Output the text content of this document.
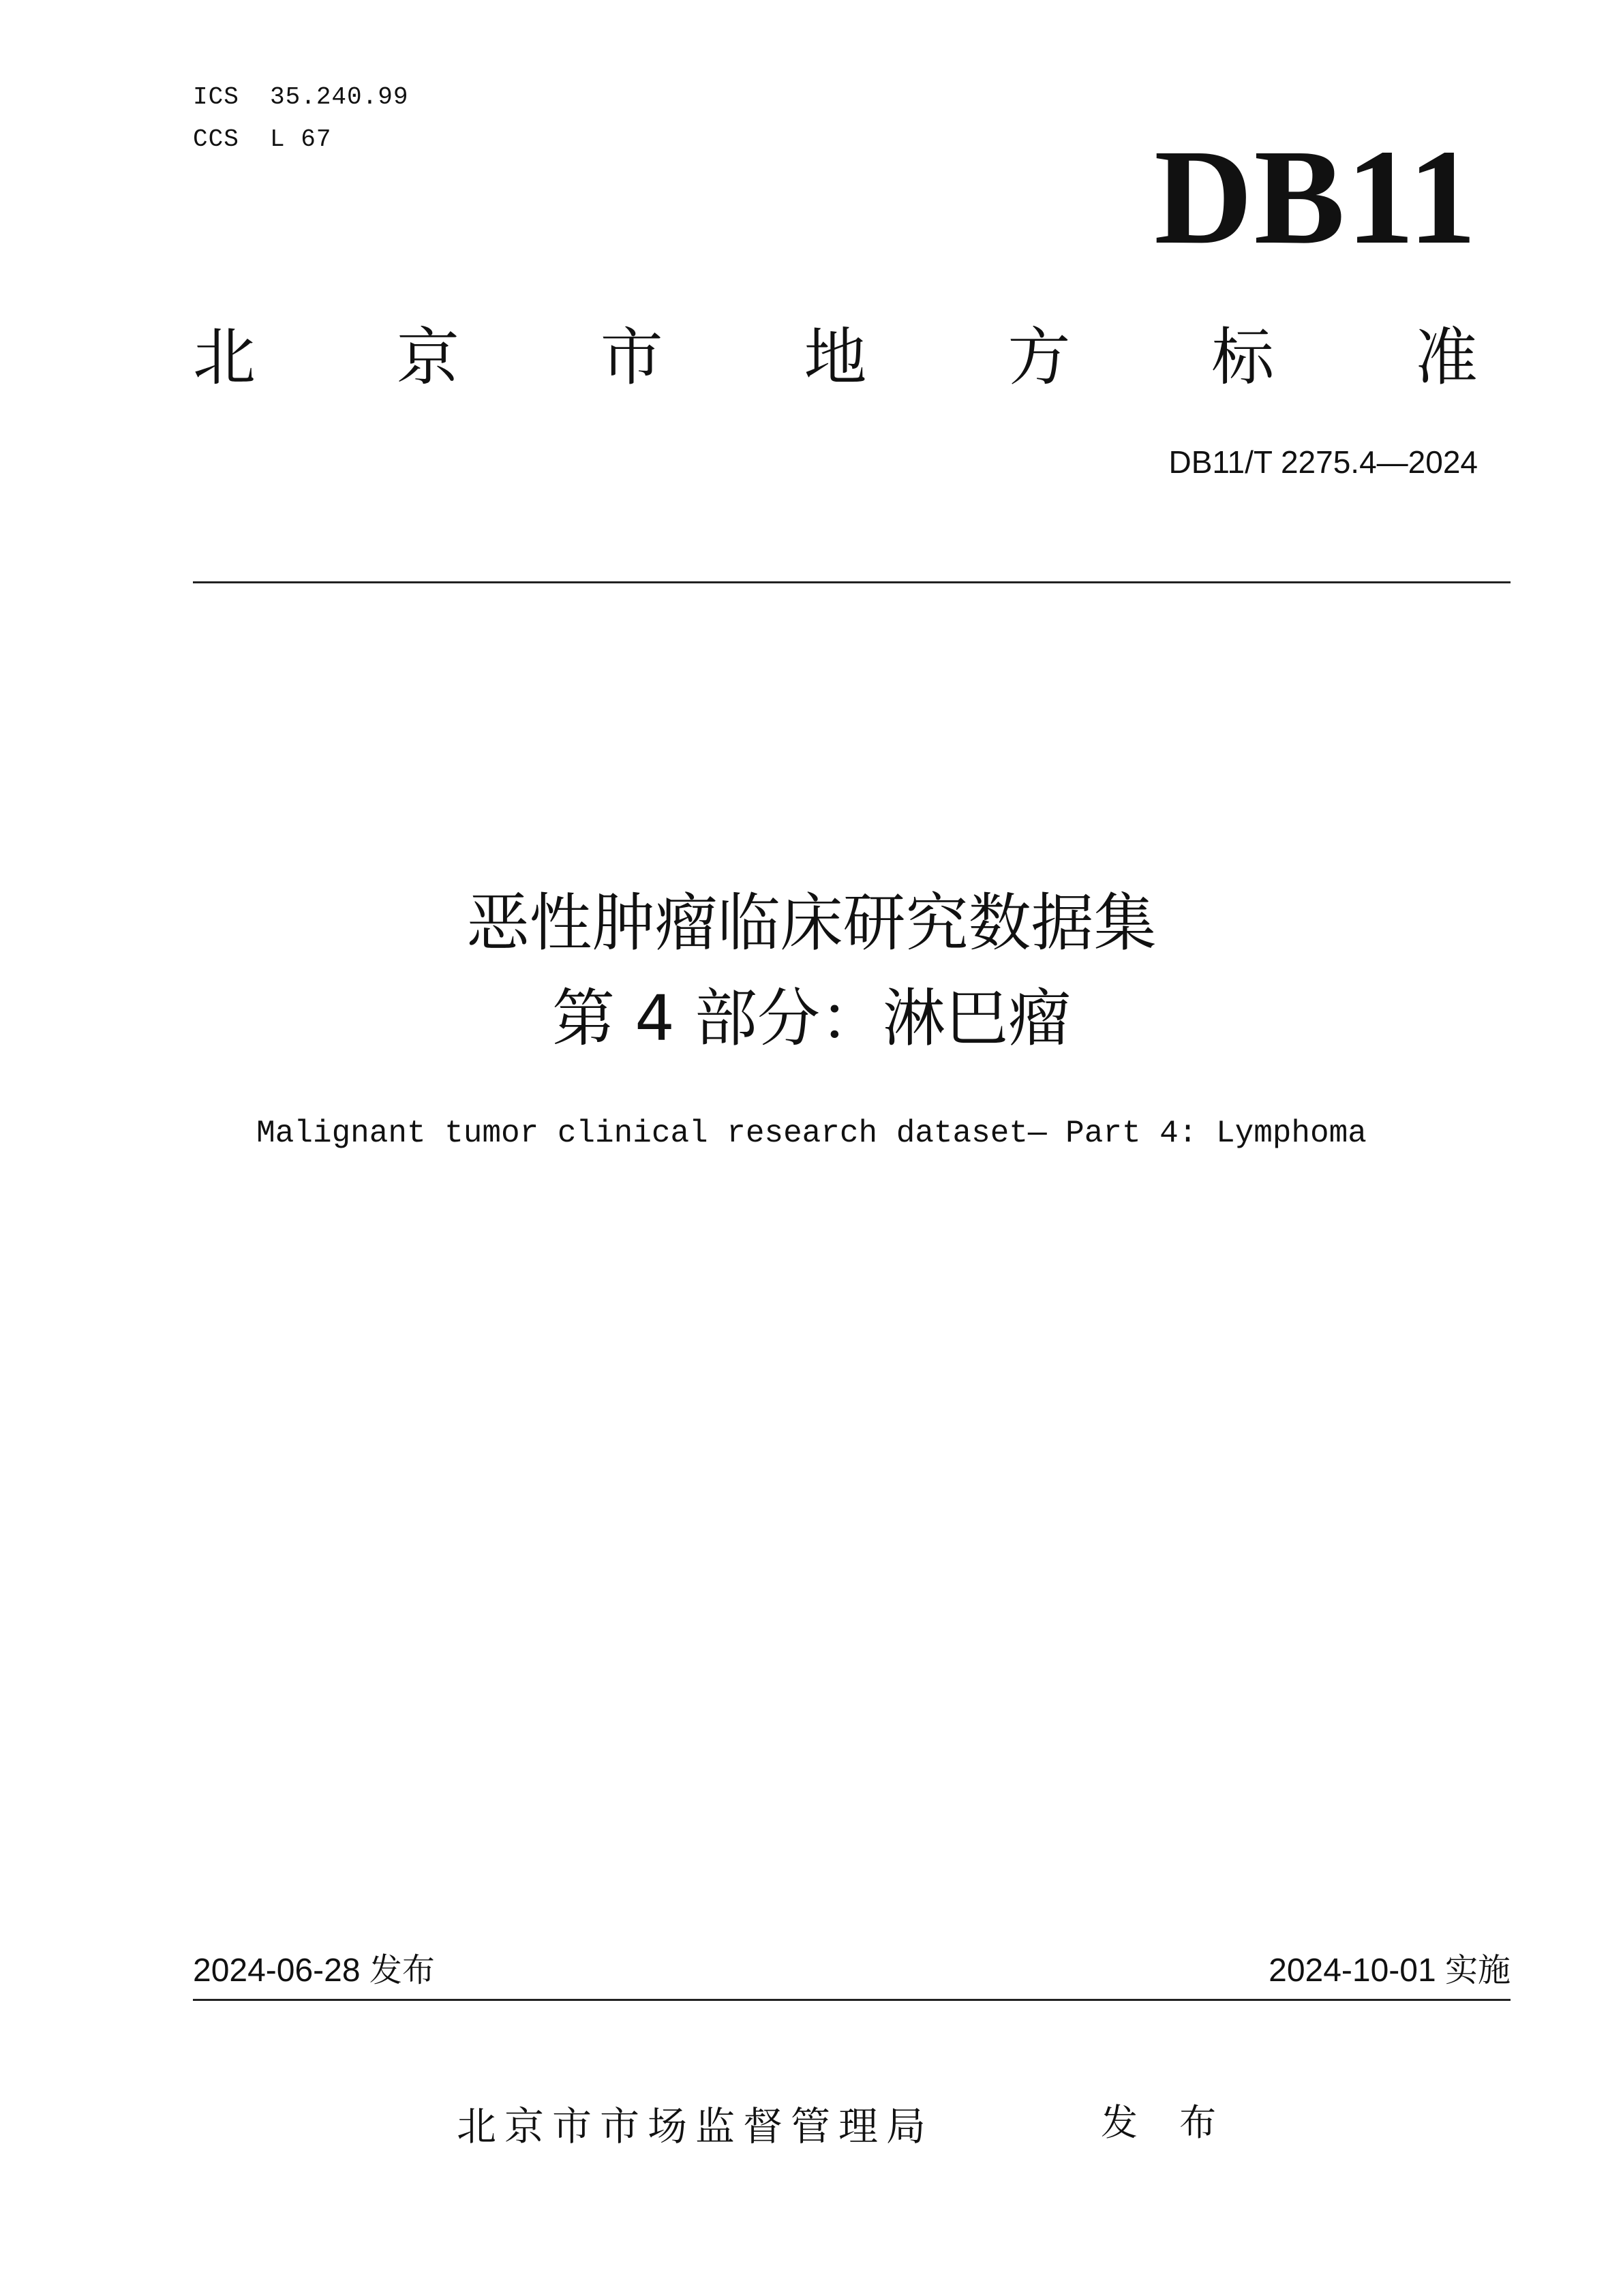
ICS  35.240.99
CCS  L 67	DB11
北 京 市 地 方 标 准
DB11/T 2275.4—2024
恶性肿瘤临床研究数据集
第 4 部分：淋巴瘤
Malignant tumor clinical research dataset— Part 4: Lymphoma
2024-06-28 发布	2024-10-01 实施
北京市市场监督管理局	发 布
